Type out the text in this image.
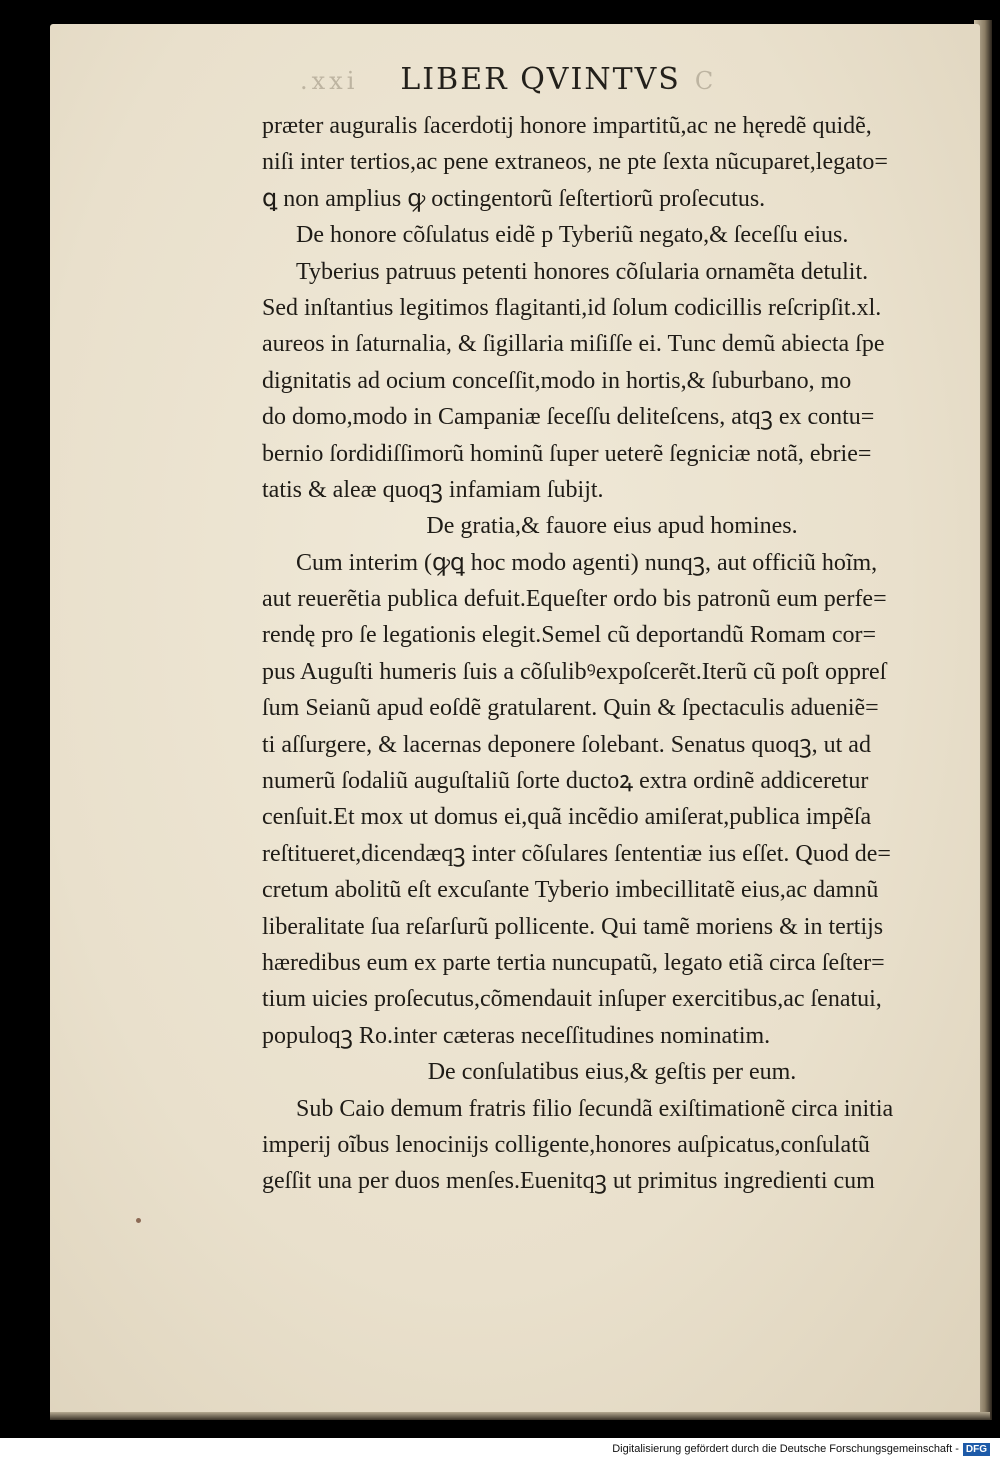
.xxi LIBER QVINTVS C
prӕter auguralis ſacerdotij honore impartitũ,ac ne hęredẽ quidẽ,
niſi inter tertios,ac pene extraneos, ne pte ſexta nũcuparet,legato=
ꝗ non amplius ꝙ octingentorũ ſeſtertiorũ proſecutus.
De honore cõſulatus eidẽ p Tyberiũ negato,& ſeceſſu eius.
Tyberius patruus petenti honores cõſularia ornamẽta detulit.
Sed inſtantius legitimos flagitanti,id ſolum codicillis reſcripſit.xl.
aureos in ſaturnalia, & ſigillaria miſiſſe ei. Tunc demũ abiecta ſpe
dignitatis ad ocium conceſſit,modo in hortis,& ſuburbano, mo
do domo,modo in Campaniӕ ſeceſſu deliteſcens, atqꝫ ex contu=
bernio ſordidiſſimorũ hominũ ſuper ueterẽ ſegniciӕ notã, ebrie=
tatis & aleӕ quoqꝫ infamiam ſubijt.
De gratia,& fauore eius apud homines.
Cum interim (ꝙꝗ hoc modo agenti) nunqꝫ, aut officiũ hoĩm,
aut reuerẽtia publica defuit.Equeſter ordo bis patronũ eum perfe=
rendę pro ſe legationis elegit.Semel cũ deportandũ Romam cor=
pus Auguſti humeris ſuis a cõſulibꝰexpoſcerẽt.Iterũ cũ poſt oppreſ
ſum Seianũ apud eoſdẽ gratularent. Quin & ſpectaculis adueniẽ=
ti aſſurgere, & lacernas deponere ſolebant. Senatus quoqꝫ, ut ad
numerũ ſodaliũ auguſtaliũ ſorte ductoꝝ extra ordinẽ addiceretur
cenſuit.Et mox ut domus ei,quã incẽdio amiſerat,publica impẽſa
reſtitueret,dicendӕqꝫ inter cõſulares ſententiӕ ius eſſet. Quod de=
cretum abolitũ eſt excuſante Tyberio imbecillitatẽ eius,ac damnũ
liberalitate ſua reſarſurũ pollicente. Qui tamẽ moriens & in tertijs
hӕredibus eum ex parte tertia nuncupatũ, legato etiã circa ſeſter=
tium uicies proſecutus,cõmendauit inſuper exercitibus,ac ſenatui,
populoqꝫ Ro.inter cӕteras neceſſitudines nominatim.
De conſulatibus eius,& geſtis per eum.
Sub Caio demum fratris filio ſecundã exiſtimationẽ circa initia
imperij oĩbus lenocinijs colligente,honores auſpicatus,conſulatũ
geſſit una per duos menſes.Euenitqꝫ ut primitus ingredienti cum
Digitalisierung gefördert durch die Deutsche Forschungsgemeinschaft - DFG
